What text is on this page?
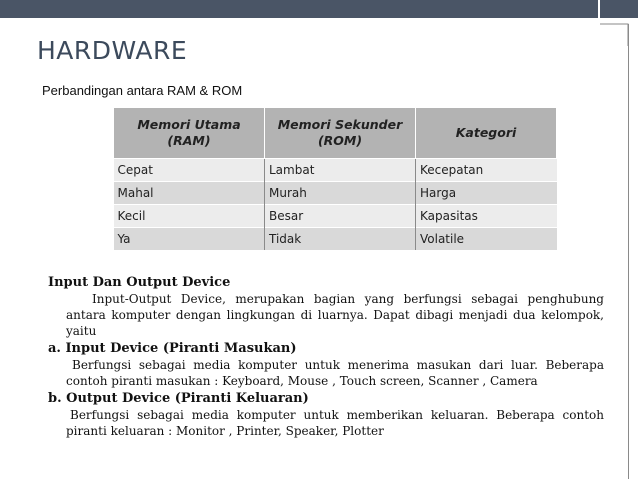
HARDWARE
Perbandingan antara RAM & ROM
Memori Utama (RAM)	Memori Sekunder (ROM)	Kategori
Cepat	Lambat	Kecepatan
Mahal	Murah	Harga
Kecil	Besar	Kapasitas
Ya	Tidak	Volatile
Input Dan Output Device
Input-Output Device, merupakan bagian yang berfungsi sebagai penghubung antara komputer dengan lingkungan di luarnya. Dapat dibagi menjadi dua kelompok, yaitu
a. Input Device (Piranti Masukan)
Berfungsi sebagai media komputer untuk menerima masukan dari luar. Beberapa contoh piranti masukan : Keyboard, Mouse , Touch screen, Scanner , Camera
b. Output Device (Piranti Keluaran)
Berfungsi sebagai media komputer untuk memberikan keluaran. Beberapa contoh piranti keluaran : Monitor , Printer, Speaker, Plotter
